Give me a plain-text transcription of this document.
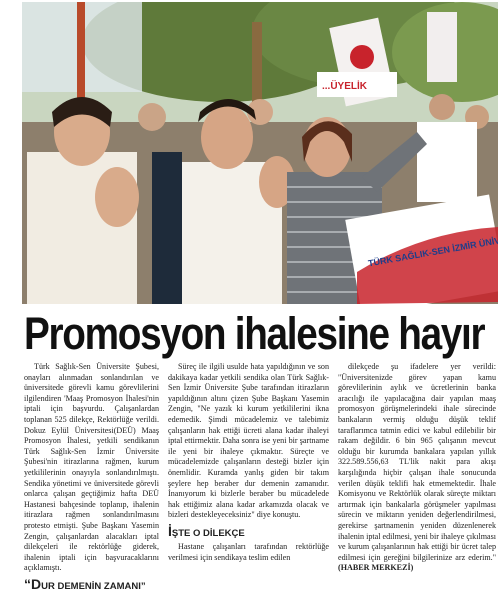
...ÜYELİK
Promosyon ihalesine hayır

Türk Sağlık-Sen Üniversite Şubesi, onayları alınmadan sonlandırılan ve üniversitede görevli kamu görevlilerini ilgilendiren 'Maaş Promosyon İhalesi'nin iptali için başvurdu. Çalışanlardan toplanan 525 dilekçe, Rektörlüğe verildi. Dokuz Eylül Üniversitesi(DEÜ) Maaş Promosyon İhalesi, yetkili sendikanın Türk Sağlık-Sen İzmir Üniversite Şubesi'nin itirazlarına rağmen, kurum yetkililerinin onayıyla sonlandırılmıştı. Sendika yönetimi ve üniversitede görevli onlarca çalışan geçtiğimiz hafta DEÜ Hastanesi bahçesinde toplanıp, ihalenin itirazlara rağmen sonlandırılmasını protesto etmişti. Şube Başkanı Yasemin Zengin, çalışanlardan alacakları iptal dilekçeleri ile rektörlüğe giderek, ihalenin iptali için başvuracaklarını açıklamıştı.

“DUR DEMENİN ZAMANI”

Süreç ile ilgili usulde hata yapıldığının ve son dakikaya kadar yetkili sendika olan Türk Sağlık-Sen İzmir Üniversite Şube tarafından itirazların yapıldığının altını çizen Şube Başkanı Yasemin Zengin, "Ne yazık ki kurum yetkililerini ikna edemedik. Şimdi mücadelemiz ve talebimiz çalışanların hak ettiği ücreti alana kadar ihaleyi iptal ettirmektir. Daha sonra ise yeni bir şartname ile yeni bir ihaleye çıkmaktır. Süreçte ve mücadelemizde çalışanların desteği bizler için önemlidir. Kuramda yanlış giden bir takım şeylere hep beraber dur demenin zamanıdır. İnanıyorum ki bizlerle beraber bu mücadelede hak ettiğimiz alana kadar arkamızda olacak ve bizleri destekleyeceksiniz" diye konuştu.

İŞTE O DİLEKÇE

Hastane çalışanları tarafından rektörlüğe verilmesi için sendikaya teslim edilen

dilekçede şu ifadelere yer verildi: "Üniversitenizde görev yapan kamu görevlilerinin aylık ve ücretlerinin banka aracılığı ile yapılacağına dair yapılan maaş promosyon görüşmelerindeki ihale sürecinde bankaların vermiş olduğu düşük teklif taraflarımca tatmin edici ve kabul edilebilir bir rakam değildir. 6 bin 965 çalışanın mevcut olduğu bir kurumda bankalara yapılan yıllık 322.589.556,63 TL'lik nakit para akışı karşılığında hiçbir çalışan ihale sonucunda verilen düşük teklifi hak etmemektedir. İhale Komisyonu ve Rektörlük olarak süreçte miktarı artırmak için bankalarla görüşmeler yapılması sürecin ve miktarın yeniden değerlendirilmesi, gerekirse şartnamenin yeniden düzenlenerek ihalenin iptal edilmesi, yeni bir ihaleye çıkılması ve kurum çalışanlarının hak ettiği bir ücret talep edilmesi için gereğini bilgilerinize arz ederim." (HABER MERKEZİ)
